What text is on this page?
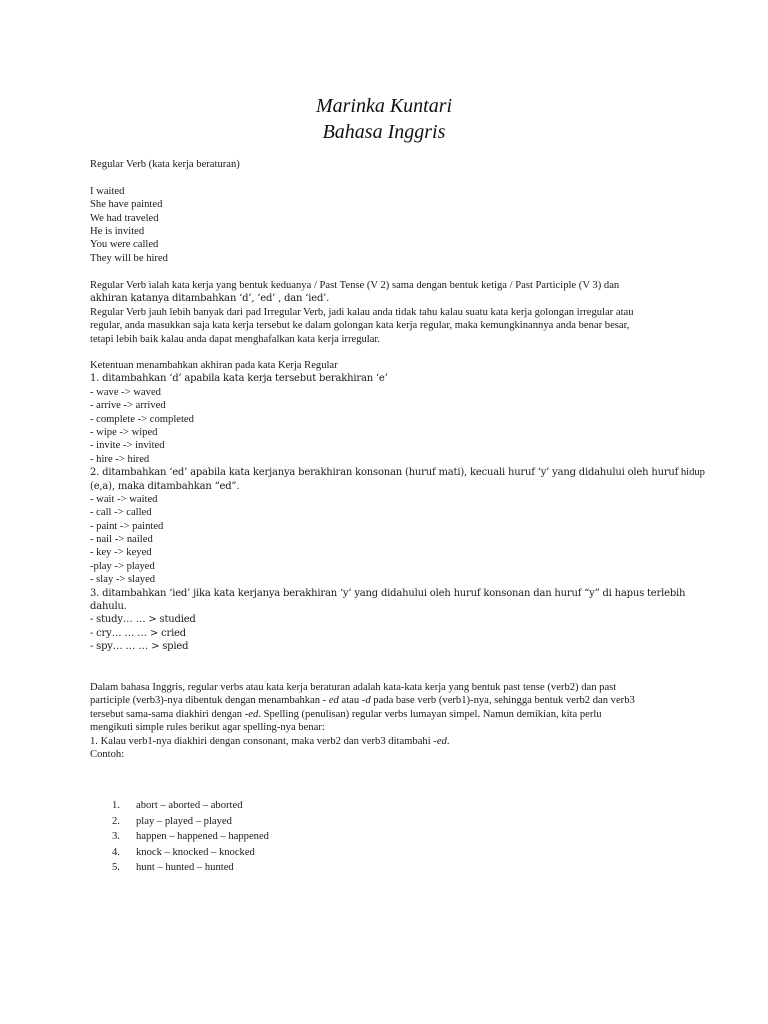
Marinka Kuntari
Bahasa Inggris
Regular Verb (kata kerja beraturan)
I waited
She have painted
We had traveled
He is invited
You were called
They will be hired
Regular Verb ialah kata kerja yang bentuk keduanya / Past Tense (V 2) sama dengan bentuk ketiga / Past Participle (V 3) dan
akhiran katanya ditambahkan ‘d’, ‘ed’ , dan ‘ied’.
Regular Verb jauh lebih banyak dari pad Irregular Verb, jadi kalau anda tidak tahu kalau suatu kata kerja golongan irregular atau
regular, anda masukkan saja kata kerja tersebut ke dalam golongan kata kerja regular, maka kemungkinannya anda benar besar,
tetapi lebih baik kalau anda dapat menghafalkan kata kerja irregular.
Ketentuan menambahkan akhiran pada kata Kerja Regular
1. ditambahkan ‘d’ apabila kata kerja tersebut berakhiran ‘e’
- wave -> waved
- arrive -> arrived
- complete -> completed
- wipe -> wiped
- invite -> invited
- hire -> hired
2. ditambahkan ‘ed’ apabila kata kerjanya berakhiran konsonan (huruf mati), kecuali huruf ‘y’ yang didahului oleh huruf hidup
(e,a), maka ditambahkan “ed”.
- wait -> waited
- call -> called
- paint -> painted
- nail -> nailed
- key -> keyed
-play -> played
- slay -> slayed
3. ditambahkan ‘ied’ jika kata kerjanya berakhiran ‘y’ yang didahului oleh huruf konsonan dan huruf “y” di hapus terlebih
dahulu.
- study… … > studied
- cry… … … > cried
- spy… … … > spied
Dalam bahasa Inggris, regular verbs atau kata kerja beraturan adalah kata-kata kerja yang bentuk past tense (verb2) dan past
participle (verb3)-nya dibentuk dengan menambahkan - ed atau -d pada base verb (verb1)-nya, sehingga bentuk verb2 dan verb3
tersebut sama-sama diakhiri dengan -ed. Spelling (penulisan) regular verbs lumayan simpel. Namun demikian, kita perlu
mengikuti simple rules berikut agar spelling-nya benar:
1. Kalau verb1-nya diakhiri dengan consonant, maka verb2 dan verb3 ditambahi -ed.
Contoh:
1. abort – aborted – aborted
2. play – played – played
3. happen – happened – happened
4. knock – knocked – knocked
5. hunt – hunted – hunted
